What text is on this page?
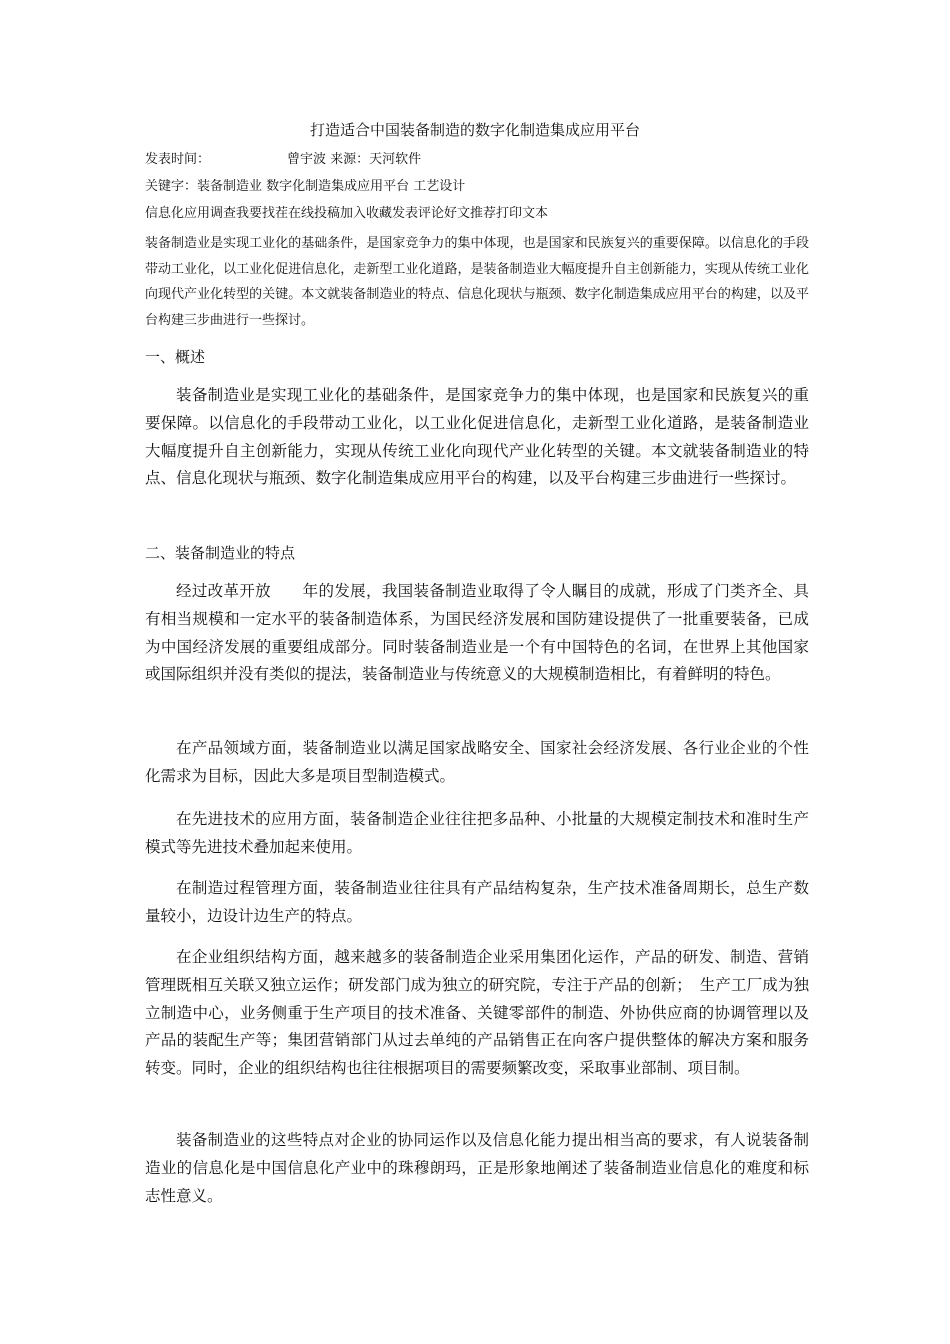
打造适合中国装备制造的数字化制造集成应用平台
发表时间：	曾宇波 来源：天河软件
关键字：装备制造业 数字化制造集成应用平台 工艺设计
信息化应用调查我要找茬在线投稿加入收藏发表评论好文推荐打印文本

装备制造业是实现工业化的基础条件，是国家竞争力的集中体现，也是国家和民族复兴的重要保障。以信息化的手段带动工业化，以工业化促进信息化，走新型工业化道路，是装备制造业大幅度提升自主创新能力，实现从传统工业化向现代产业化转型的关键。本文就装备制造业的特点、信息化现状与瓶颈、数字化制造集成应用平台的构建，以及平台构建三步曲进行一些探讨。

一、概述

装备制造业是实现工业化的基础条件，是国家竞争力的集中体现，也是国家和民族复兴的重要保障。以信息化的手段带动工业化，以工业化促进信息化，走新型工业化道路，是装备制造业大幅度提升自主创新能力，实现从传统工业化向现代产业化转型的关键。本文就装备制造业的特点、信息化现状与瓶颈、数字化制造集成应用平台的构建，以及平台构建三步曲进行一些探讨。

二、装备制造业的特点

经过改革开放　　年的发展，我国装备制造业取得了令人瞩目的成就，形成了门类齐全、具有相当规模和一定水平的装备制造体系，为国民经济发展和国防建设提供了一批重要装备，已成为中国经济发展的重要组成部分。同时装备制造业是一个有中国特色的名词，在世界上其他国家或国际组织并没有类似的提法，装备制造业与传统意义的大规模制造相比，有着鲜明的特色。

在产品领域方面，装备制造业以满足国家战略安全、国家社会经济发展、各行业企业的个性化需求为目标，因此大多是项目型制造模式。

在先进技术的应用方面，装备制造企业往往把多品种、小批量的大规模定制技术和准时生产模式等先进技术叠加起来使用。

在制造过程管理方面，装备制造业往往具有产品结构复杂，生产技术准备周期长，总生产数量较小，边设计边生产的特点。

在企业组织结构方面，越来越多的装备制造企业采用集团化运作，产品的研发、制造、营销管理既相互关联又独立运作；研发部门成为独立的研究院，专注于产品的创新；　生产工厂成为独立制造中心，业务侧重于生产项目的技术准备、关键零部件的制造、外协供应商的协调管理以及产品的装配生产等；集团营销部门从过去单纯的产品销售正在向客户提供整体的解决方案和服务转变。同时，企业的组织结构也往往根据项目的需要频繁改变，采取事业部制、项目制。

装备制造业的这些特点对企业的协同运作以及信息化能力提出相当高的要求，有人说装备制造业的信息化是中国信息化产业中的珠穆朗玛，正是形象地阐述了装备制造业信息化的难度和标志性意义。
